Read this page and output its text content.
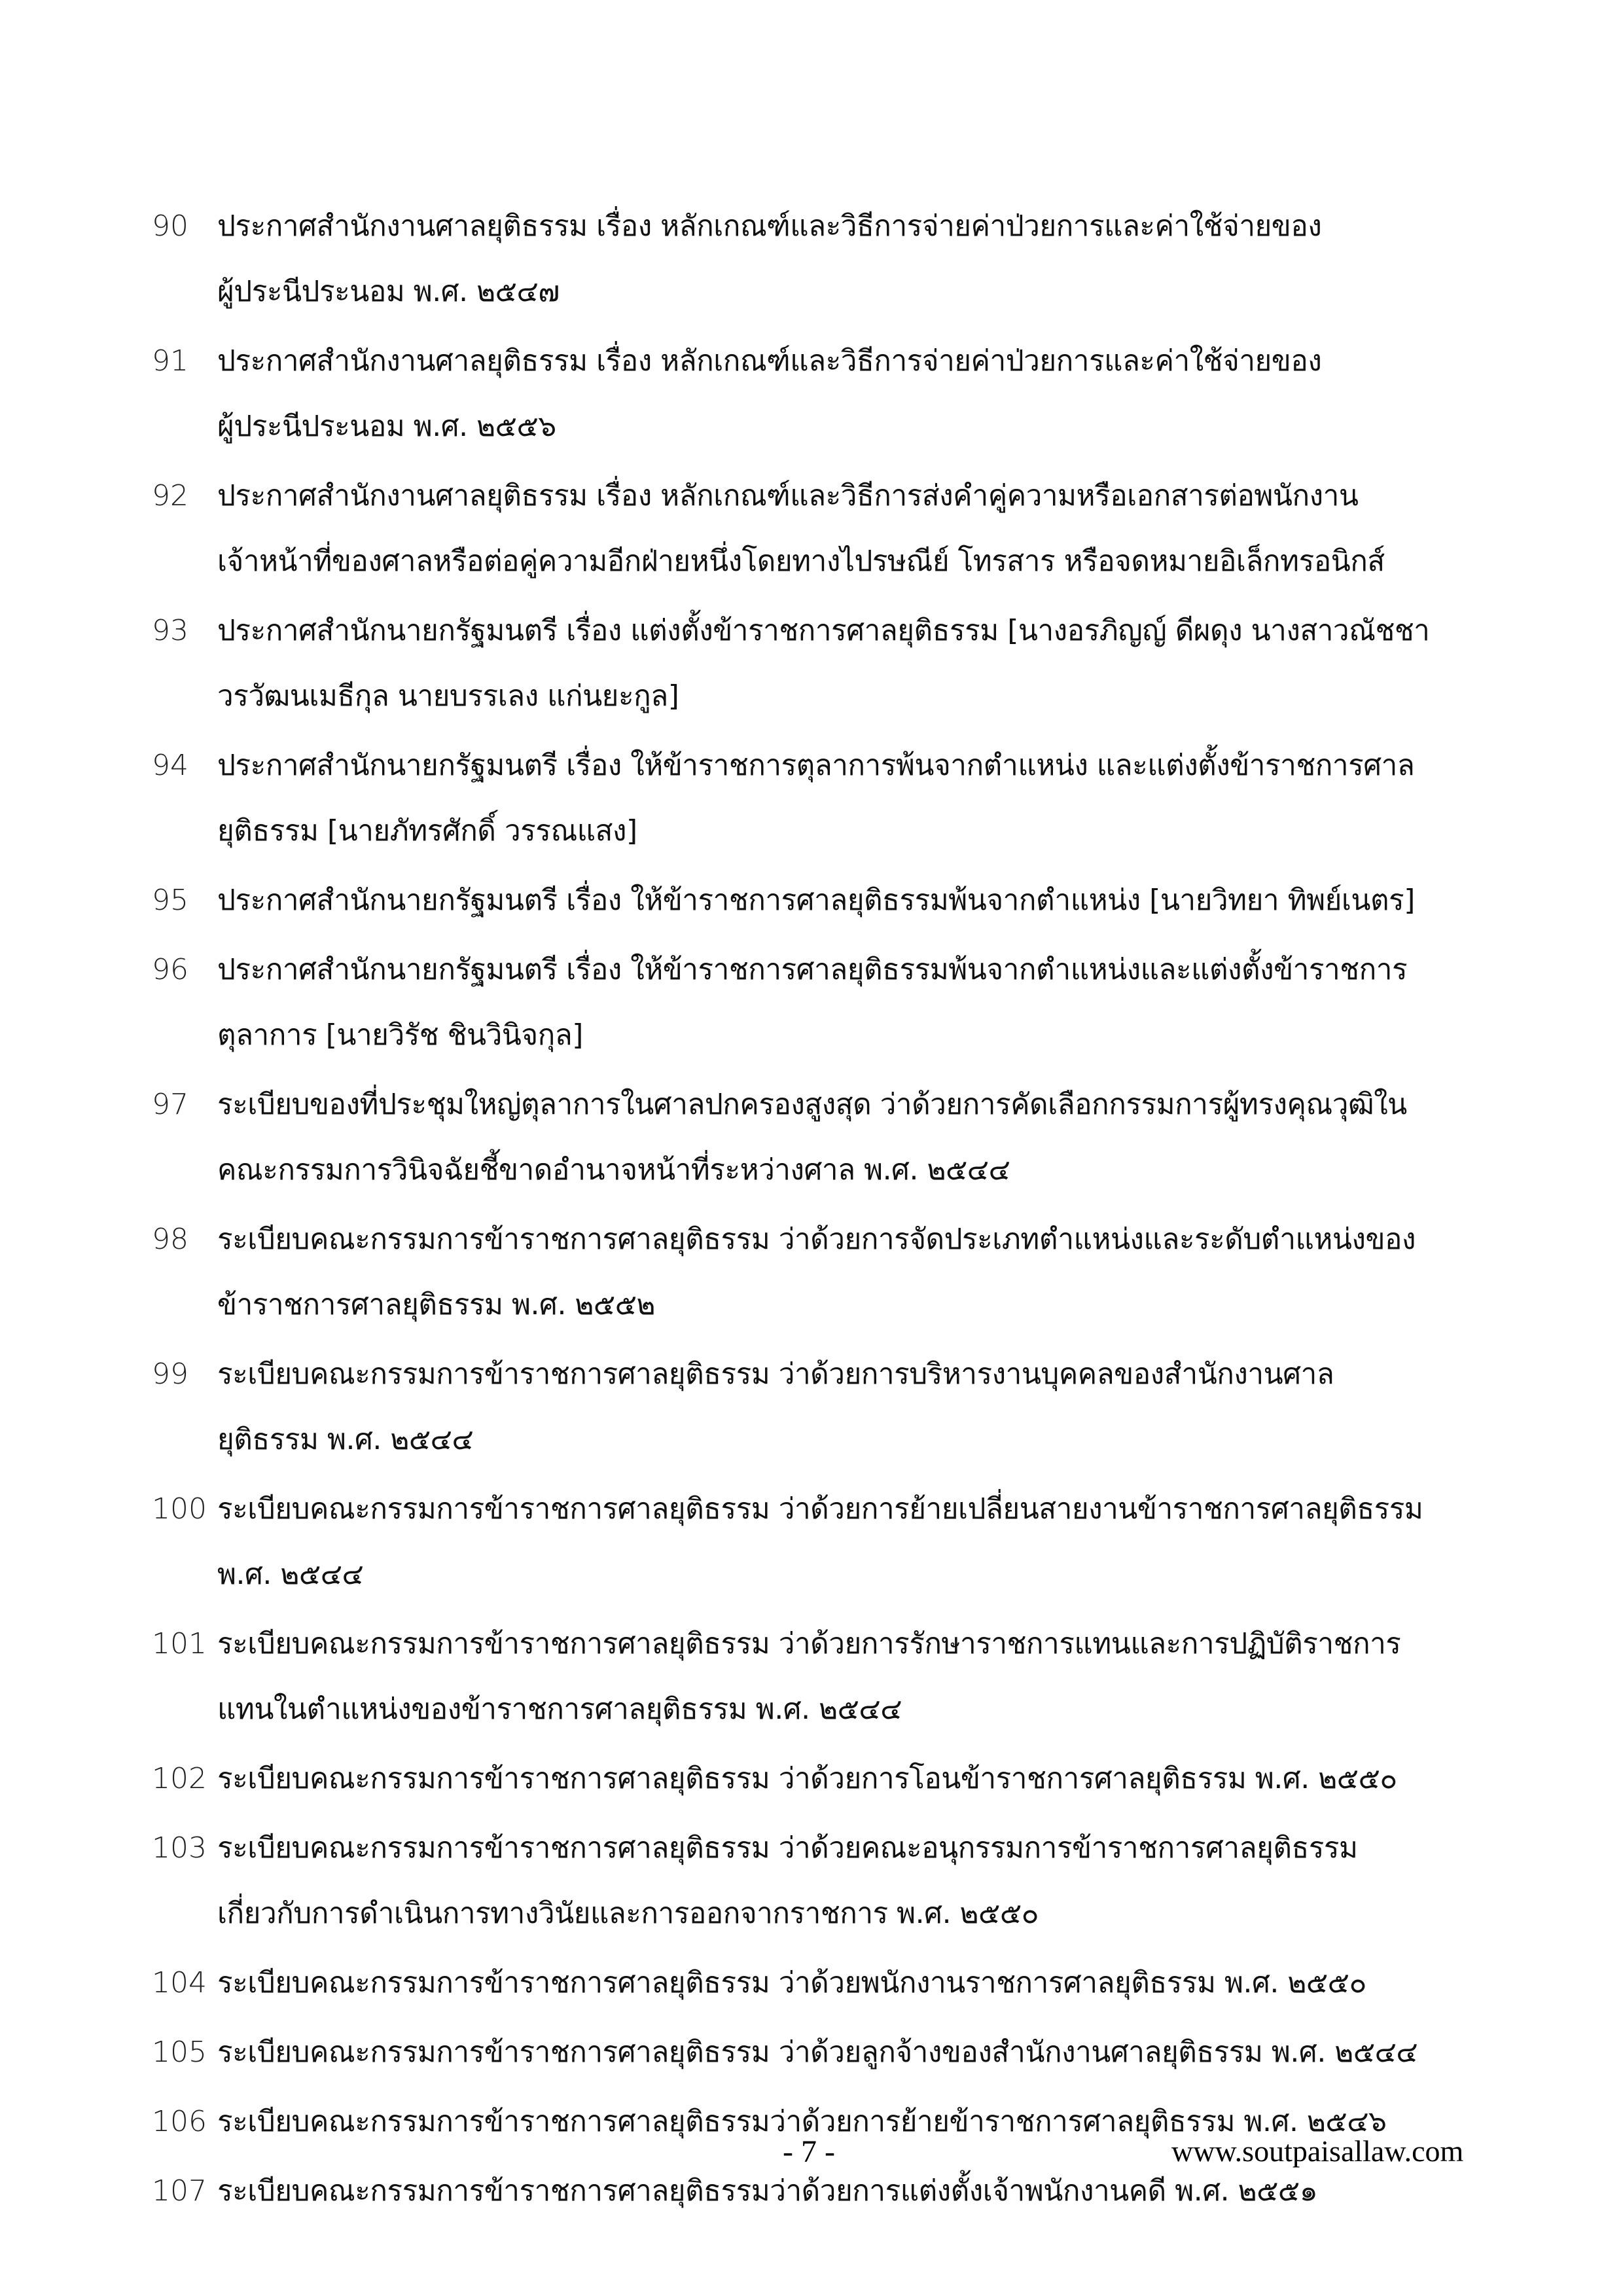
90	ประกาศสำนักงานศาลยุติธรรม เรื่อง หลักเกณฑ์และวิธีการจ่ายค่าป่วยการและค่าใช้จ่ายของ
ผู้ประนีประนอม พ.ศ. ๒๕๔๗
91	ประกาศสำนักงานศาลยุติธรรม เรื่อง หลักเกณฑ์และวิธีการจ่ายค่าป่วยการและค่าใช้จ่ายของ
ผู้ประนีประนอม พ.ศ. ๒๕๕๖
92	ประกาศสำนักงานศาลยุติธรรม เรื่อง หลักเกณฑ์และวิธีการส่งคำคู่ความหรือเอกสารต่อพนักงาน
เจ้าหน้าที่ของศาลหรือต่อคู่ความอีกฝ่ายหนึ่งโดยทางไปรษณีย์ โทรสาร หรือจดหมายอิเล็กทรอนิกส์
93	ประกาศสำนักนายกรัฐมนตรี เรื่อง แต่งตั้งข้าราชการศาลยุติธรรม [นางอรภิญญ์ ดีผดุง นางสาวณัชชา
วรวัฒนเมธีกุล นายบรรเลง แก่นยะกูล]
94	ประกาศสำนักนายกรัฐมนตรี เรื่อง ให้ข้าราชการตุลาการพ้นจากตำแหน่ง และแต่งตั้งข้าราชการศาล
ยุติธรรม [นายภัทรศักดิ์ วรรณแสง]
95	ประกาศสำนักนายกรัฐมนตรี เรื่อง ให้ข้าราชการศาลยุติธรรมพ้นจากตำแหน่ง [นายวิทยา ทิพย์เนตร]
96	ประกาศสำนักนายกรัฐมนตรี เรื่อง ให้ข้าราชการศาลยุติธรรมพ้นจากตำแหน่งและแต่งตั้งข้าราชการ
ตุลาการ [นายวิรัช ชินวินิจกุล]
97	ระเบียบของที่ประชุมใหญ่ตุลาการในศาลปกครองสูงสุด ว่าด้วยการคัดเลือกกรรมการผู้ทรงคุณวุฒิใน
คณะกรรมการวินิจฉัยชี้ขาดอำนาจหน้าที่ระหว่างศาล พ.ศ. ๒๕๔๔
98	ระเบียบคณะกรรมการข้าราชการศาลยุติธรรม ว่าด้วยการจัดประเภทตำแหน่งและระดับตำแหน่งของ
ข้าราชการศาลยุติธรรม พ.ศ. ๒๕๕๒
99	ระเบียบคณะกรรมการข้าราชการศาลยุติธรรม ว่าด้วยการบริหารงานบุคคลของสำนักงานศาล
ยุติธรรม พ.ศ. ๒๕๔๔
100 ระเบียบคณะกรรมการข้าราชการศาลยุติธรรม ว่าด้วยการย้ายเปลี่ยนสายงานข้าราชการศาลยุติธรรม
พ.ศ. ๒๕๔๔
101 ระเบียบคณะกรรมการข้าราชการศาลยุติธรรม ว่าด้วยการรักษาราชการแทนและการปฏิบัติราชการ
แทนในตำแหน่งของข้าราชการศาลยุติธรรม พ.ศ. ๒๕๔๔
102 ระเบียบคณะกรรมการข้าราชการศาลยุติธรรม ว่าด้วยการโอนข้าราชการศาลยุติธรรม พ.ศ. ๒๕๕๐
103 ระเบียบคณะกรรมการข้าราชการศาลยุติธรรม ว่าด้วยคณะอนุกรรมการข้าราชการศาลยุติธรรม
เกี่ยวกับการดำเนินการทางวินัยและการออกจากราชการ พ.ศ. ๒๕๕๐
104 ระเบียบคณะกรรมการข้าราชการศาลยุติธรรม ว่าด้วยพนักงานราชการศาลยุติธรรม พ.ศ. ๒๕๕๐
105 ระเบียบคณะกรรมการข้าราชการศาลยุติธรรม ว่าด้วยลูกจ้างของสำนักงานศาลยุติธรรม พ.ศ. ๒๕๔๔
106 ระเบียบคณะกรรมการข้าราชการศาลยุติธรรมว่าด้วยการย้ายข้าราชการศาลยุติธรรม พ.ศ. ๒๕๔๖
107 ระเบียบคณะกรรมการข้าราชการศาลยุติธรรมว่าด้วยการแต่งตั้งเจ้าพนักงานคดี พ.ศ. ๒๕๕๑
- 7 -	www.soutpaisallaw.com
